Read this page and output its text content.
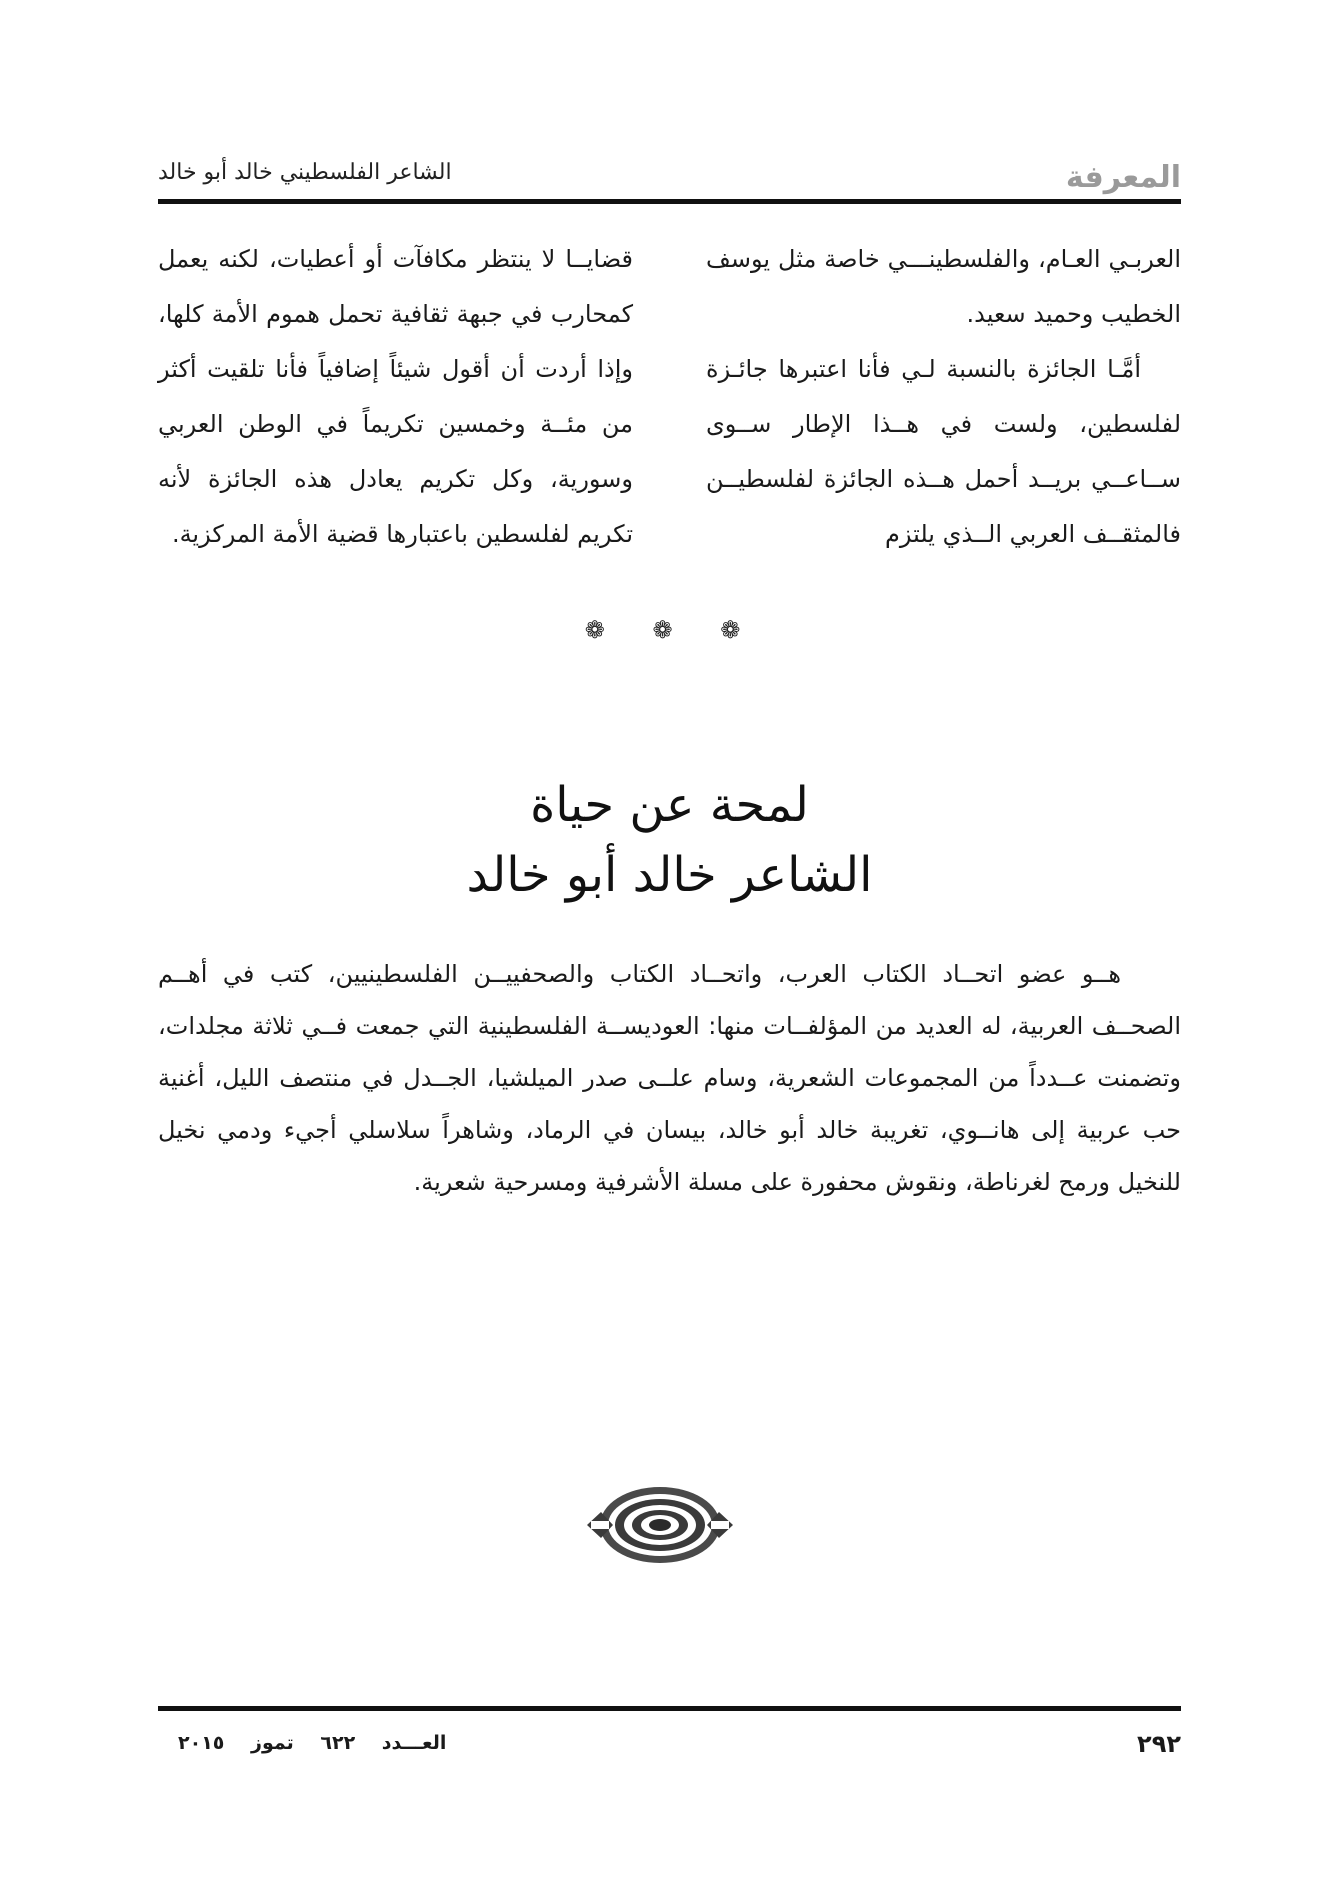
المعرفة
الشاعر الفلسطيني خالد أبو خالد

العربـي العـام، والفلسطينـــي خاصة مثل يوسف الخطيب وحميد سعيد.

أمَّـا الجائزة بالنسبة لـي فأنا اعتبرها جائـزة لفلسطين، ولست في هــذا الإطار ســوى ســاعــي بريــد أحمل هــذه الجائزة لفلسطيــن فالمثقــف العربي الــذي يلتزم

قضايــا لا ينتظر مكافآت أو أعطيات، لكنه يعمل كمحارب في جبهة ثقافية تحمل هموم الأمة كلها، وإذا أردت أن أقول شيئاً إضافياً فأنا تلقيت أكثر من مئــة وخمسين تكريماً في الوطن العربي وسورية، وكل تكريم يعادل هذه الجائزة لأنه تكريم لفلسطين باعتبارها قضية الأمة المركزية.

❁ ❁ ❁
لمحة عن حياة
الشاعر خالد أبو خالد

هــو عضو اتحــاد الكتاب العرب، واتحــاد الكتاب والصحفييــن الفلسطينيين، كتب في أهــم الصحــف العربية، له العديد من المؤلفــات منها: العوديســة الفلسطينية التي جمعت فــي ثلاثة مجلدات، وتضمنت عــدداً من المجموعات الشعرية، وسام علــى صدر الميلشيا، الجــدل في منتصف الليل، أغنية حب عربية إلى هانــوي، تغريبة خالد أبو خالد، بيسان في الرماد، وشاهراً سلاسلي أجيء ودمي نخيل للنخيل ورمح لغرناطة، ونقوش محفورة على مسلة الأشرفية ومسرحية شعرية.

٢٩٢
العـــدد ٦٢٢ تموز ٢٠١٥
